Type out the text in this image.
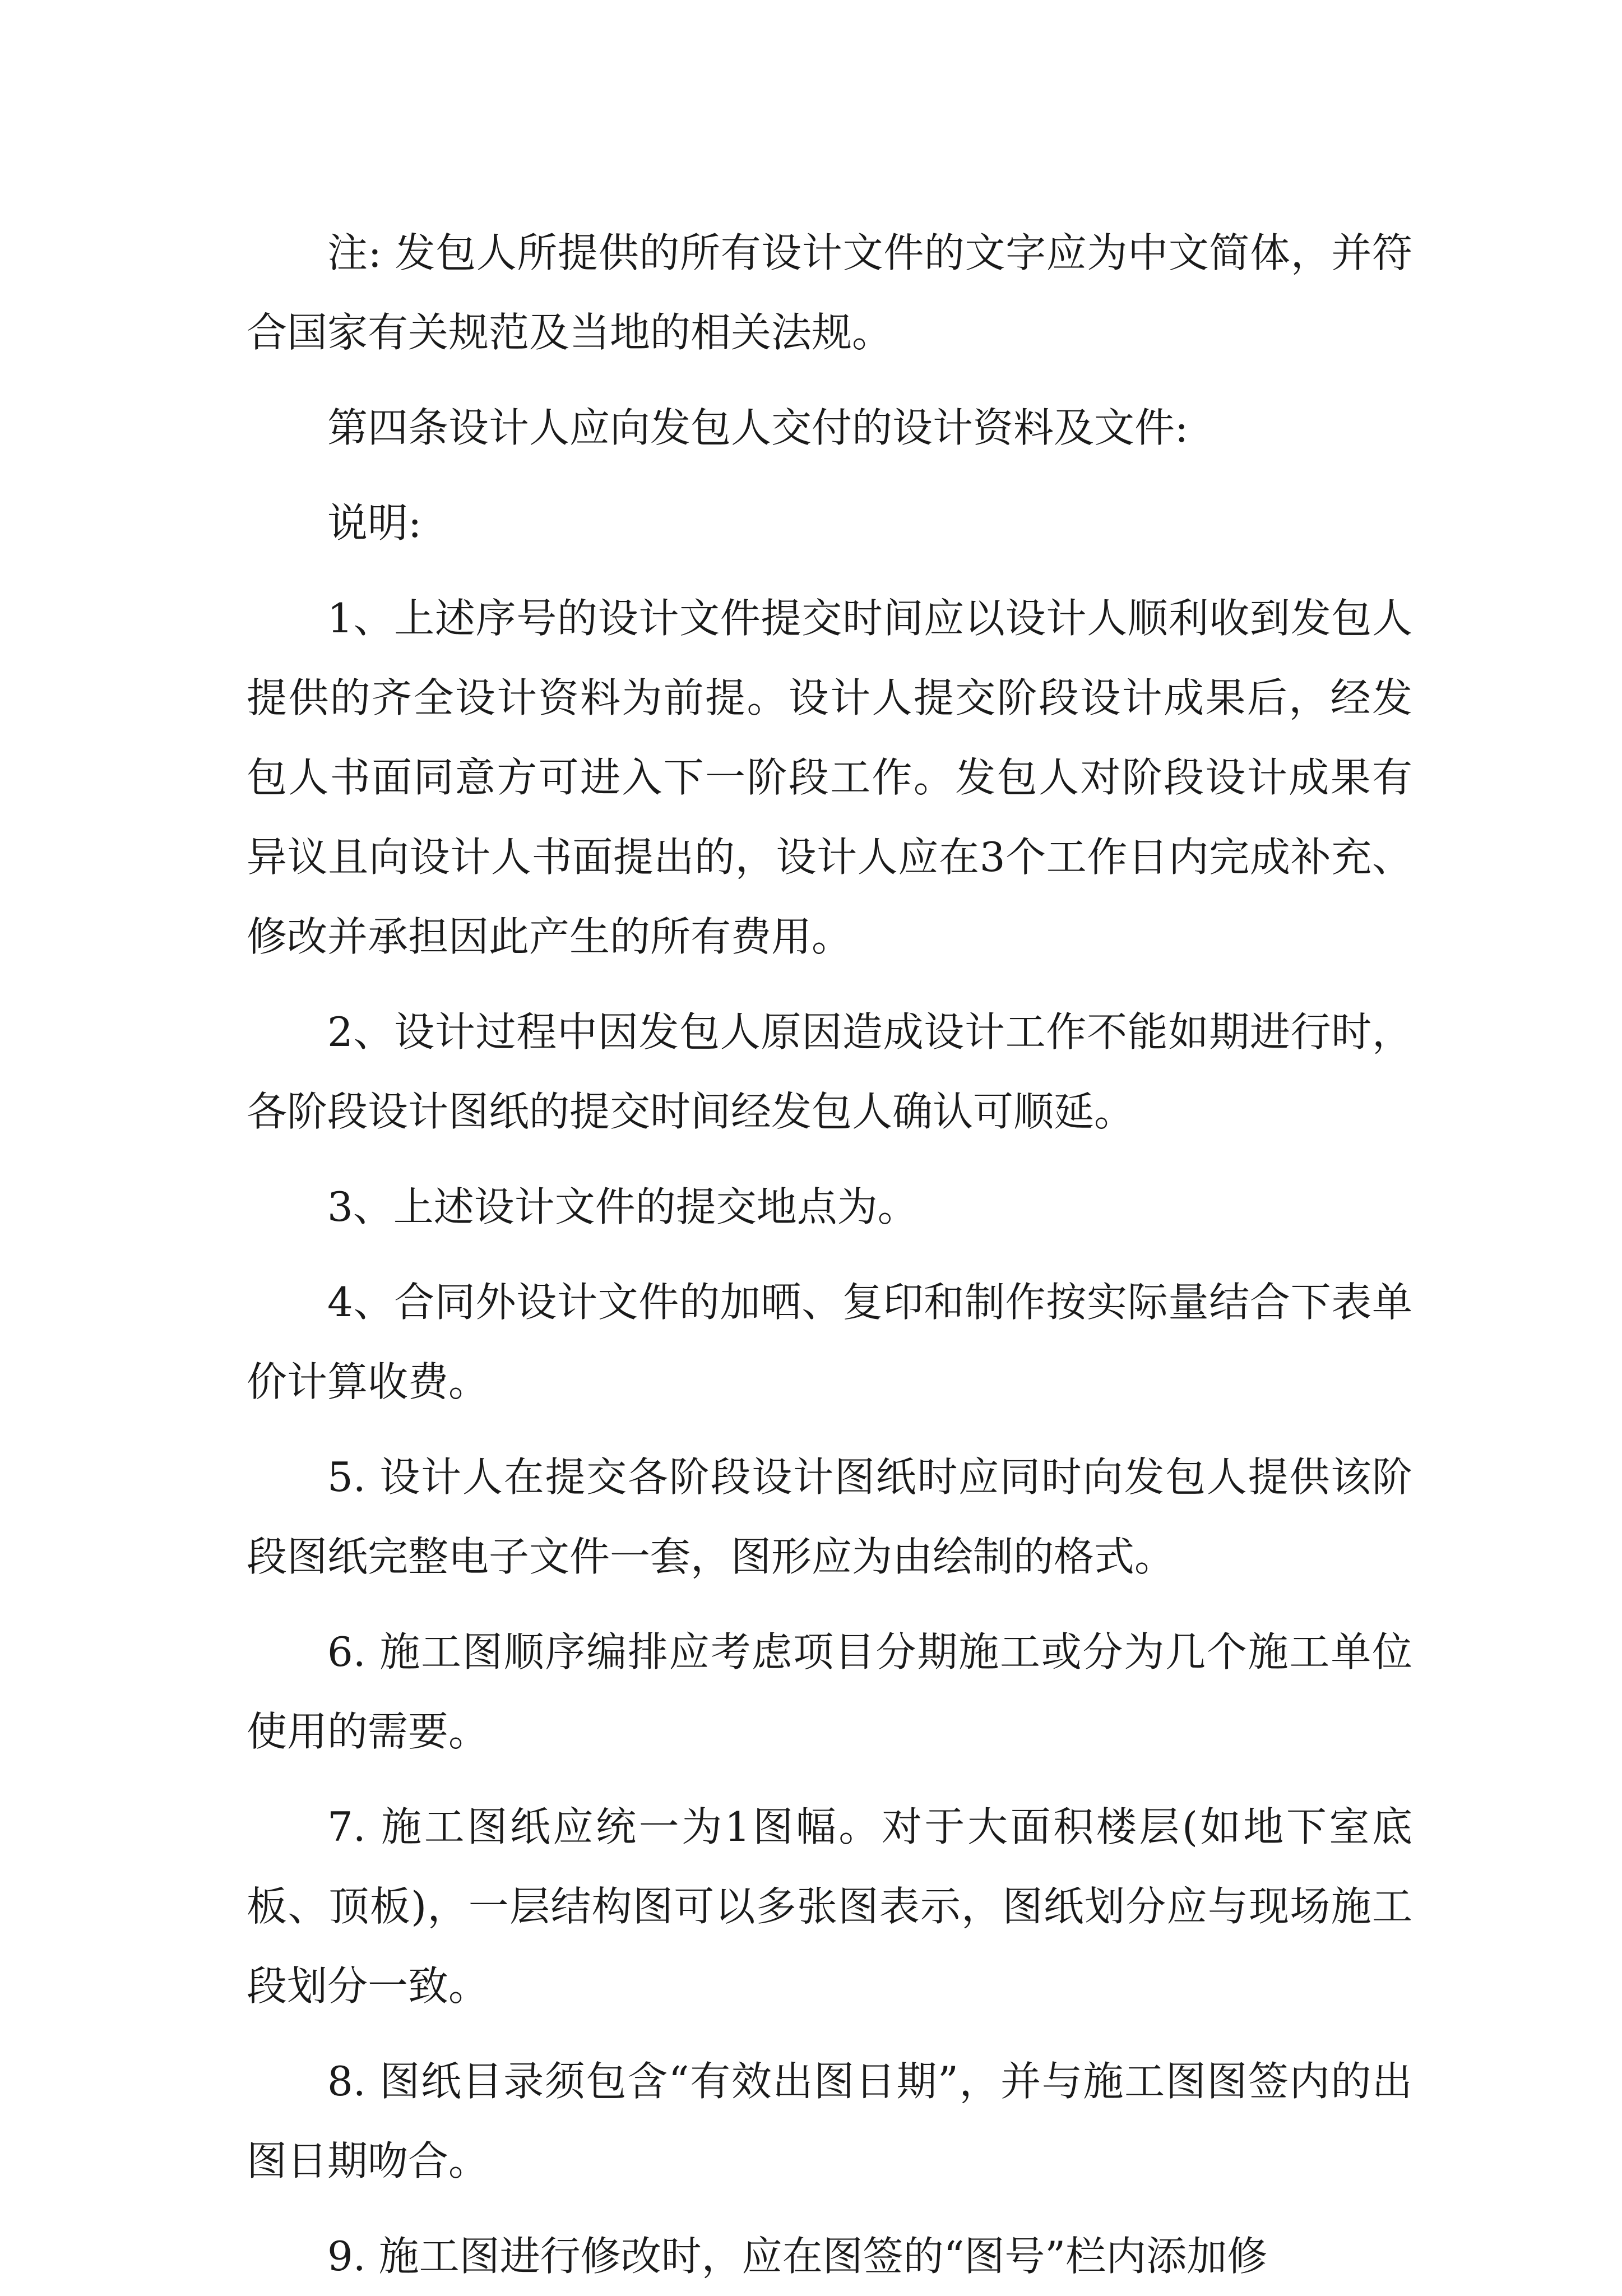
注: 发包人所提供的所有设计文件的文字应为中文简体，并符合国家有关规范及当地的相关法规。

第四条设计人应向发包人交付的设计资料及文件:

说明:

1、上述序号的设计文件提交时间应以设计人顺利收到发包人提供的齐全设计资料为前提。设计人提交阶段设计成果后，经发包人书面同意方可进入下一阶段工作。发包人对阶段设计成果有异议且向设计人书面提出的，设计人应在3个工作日内完成补充、修改并承担因此产生的所有费用。

2、设计过程中因发包人原因造成设计工作不能如期进行时，各阶段设计图纸的提交时间经发包人确认可顺延。

3、上述设计文件的提交地点为。

4、合同外设计文件的加晒、复印和制作按实际量结合下表单价计算收费。

5. 设计人在提交各阶段设计图纸时应同时向发包人提供该阶段图纸完整电子文件一套，图形应为由绘制的格式。

6. 施工图顺序编排应考虑项目分期施工或分为几个施工单位使用的需要。

7. 施工图纸应统一为1图幅。对于大面积楼层(如地下室底板、顶板)，一层结构图可以多张图表示，图纸划分应与现场施工段划分一致。

8. 图纸目录须包含“有效出图日期”，并与施工图图签内的出图日期吻合。

9. 施工图进行修改时，应在图签的“图号”栏内添加修
